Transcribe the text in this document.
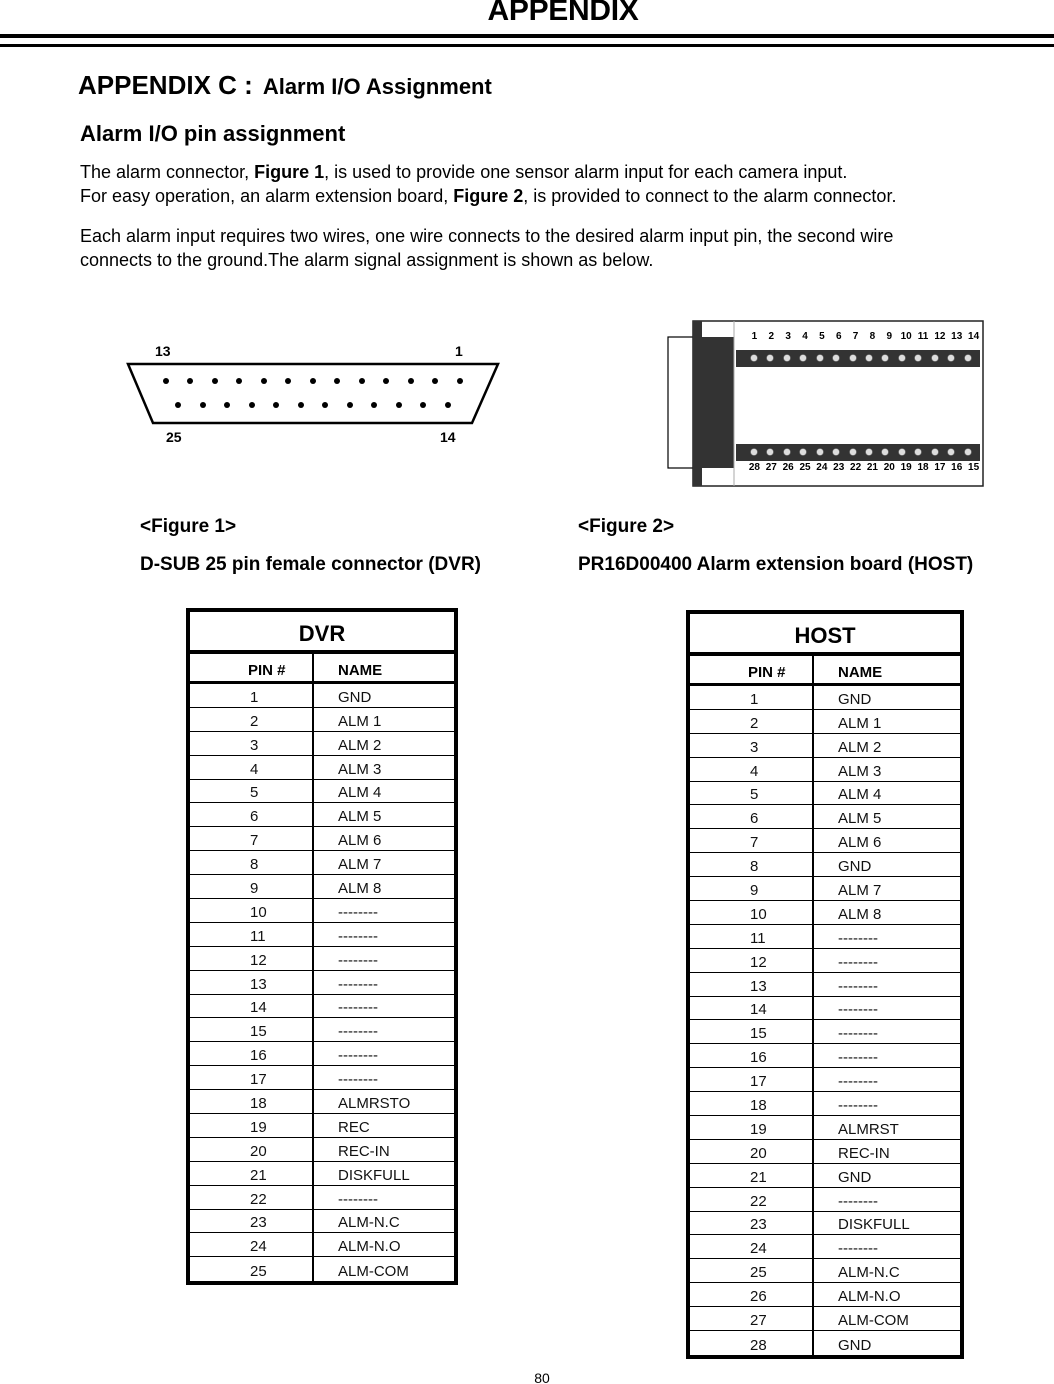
APPENDIX
APPENDIX C : Alarm I/O Assignment
Alarm I/O pin assignment
The alarm connector, Figure 1, is used to provide one sensor alarm input for each camera input.
For easy operation, an alarm extension board, Figure 2, is provided to connect to the alarm connector.
Each alarm input requires two wires, one wire connects to the desired alarm input pin, the second wire
connects to the ground.The alarm signal assignment is shown as below.
13	1
25	14
1	2	3	4	5	6	7	8	9 10 11 12 13 14
28 27 26 25 24 23 22 21 20 19 18 17 16 15
<Figure 1>
D-SUB 25 pin female connector (DVR)
<Figure 2>
PR16D00400 Alarm extension board (HOST)
DVR
PIN #	NAME
1	GND
2	ALM 1
3	ALM 2
4	ALM 3
5	ALM 4
6	ALM 5
7	ALM 6
8	ALM 7
9	ALM 8
10	--------
11	--------
12	--------
13	--------
14	--------
15	--------
16	--------
17	--------
18	ALMRSTO
19	REC
20	REC-IN
21	DISKFULL
22	--------
23	ALM-N.C
24	ALM-N.O
25	ALM-COM
HOST
PIN #	NAME
1	GND
2	ALM 1
3	ALM 2
4	ALM 3
5	ALM 4
6	ALM 5
7	ALM 6
8	GND
9	ALM 7
10	ALM 8
11	--------
12	--------
13	--------
14	--------
15	--------
16	--------
17	--------
18	--------
19	ALMRST
20	REC-IN
21	GND
22	--------
23	DISKFULL
24	--------
25	ALM-N.C
26	ALM-N.O
27	ALM-COM
28	GND
80
